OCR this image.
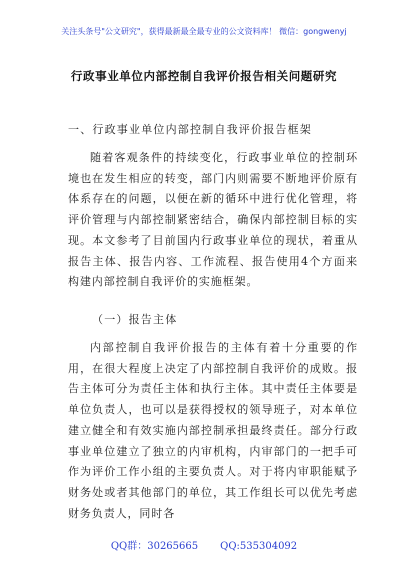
关注头条号"公文研究"，获得最新最全最专业的公文资料库！ 微信：gongwenyj
行政事业单位内部控制自我评价报告相关问题研究
一、行政事业单位内部控制自我评价报告框架

随着客观条件的持续变化，行政事业单位的控制环境也在发生相应的转变，部门内则需要不断地评价原有体系存在的问题，以便在新的循环中进行优化管理，将评价管理与内部控制紧密结合，确保内部控制目标的实现。本文参考了目前国内行政事业单位的现状，着重从报告主体、报告内容、工作流程、报告使用4个方面来构建内部控制自我评价的实施框架。

（一）报告主体

内部控制自我评价报告的主体有着十分重要的作用，在很大程度上决定了内部控制自我评价的成败。报告主体可分为责任主体和执行主体。其中责任主体要是单位负责人，也可以是获得授权的领导班子，对本单位建立健全和有效实施内部控制承担最终责任。部分行政事业单位建立了独立的内审机构，内审部门的一把手可作为评价工作小组的主要负责人。对于将内审职能赋予财务处或者其他部门的单位，其工作组长可以优先考虑财务负责人，同时各

QQ群：30265665 QQ:535304092
